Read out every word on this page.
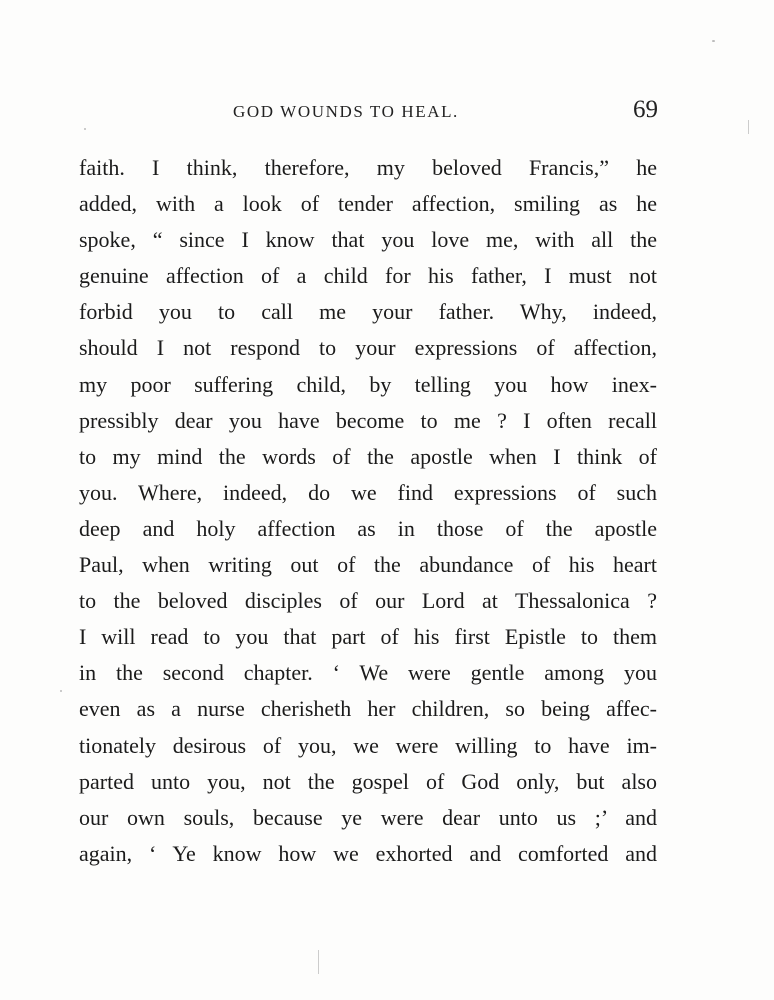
GOD WOUNDS TO HEAL.	69
faith. I think, therefore, my beloved Francis,” he
added, with a look of tender affection, smiling as he
spoke, “ since I know that you love me, with all the
genuine affection of a child for his father, I must not
forbid you to call me your father. Why, indeed,
should I not respond to your expressions of affection,
my poor suffering child, by telling you how inex-
pressibly dear you have become to me ? I often recall
to my mind the words of the apostle when I think of
you. Where, indeed, do we find expressions of such
deep and holy affection as in those of the apostle
Paul, when writing out of the abundance of his heart
to the beloved disciples of our Lord at Thessalonica ?
I will read to you that part of his first Epistle to them
in the second chapter. ‘ We were gentle among you
even as a nurse cherisheth her children, so being affec-
tionately desirous of you, we were willing to have im-
parted unto you, not the gospel of God only, but also
our own souls, because ye were dear unto us ;’ and
again, ‘ Ye know how we exhorted and comforted and
